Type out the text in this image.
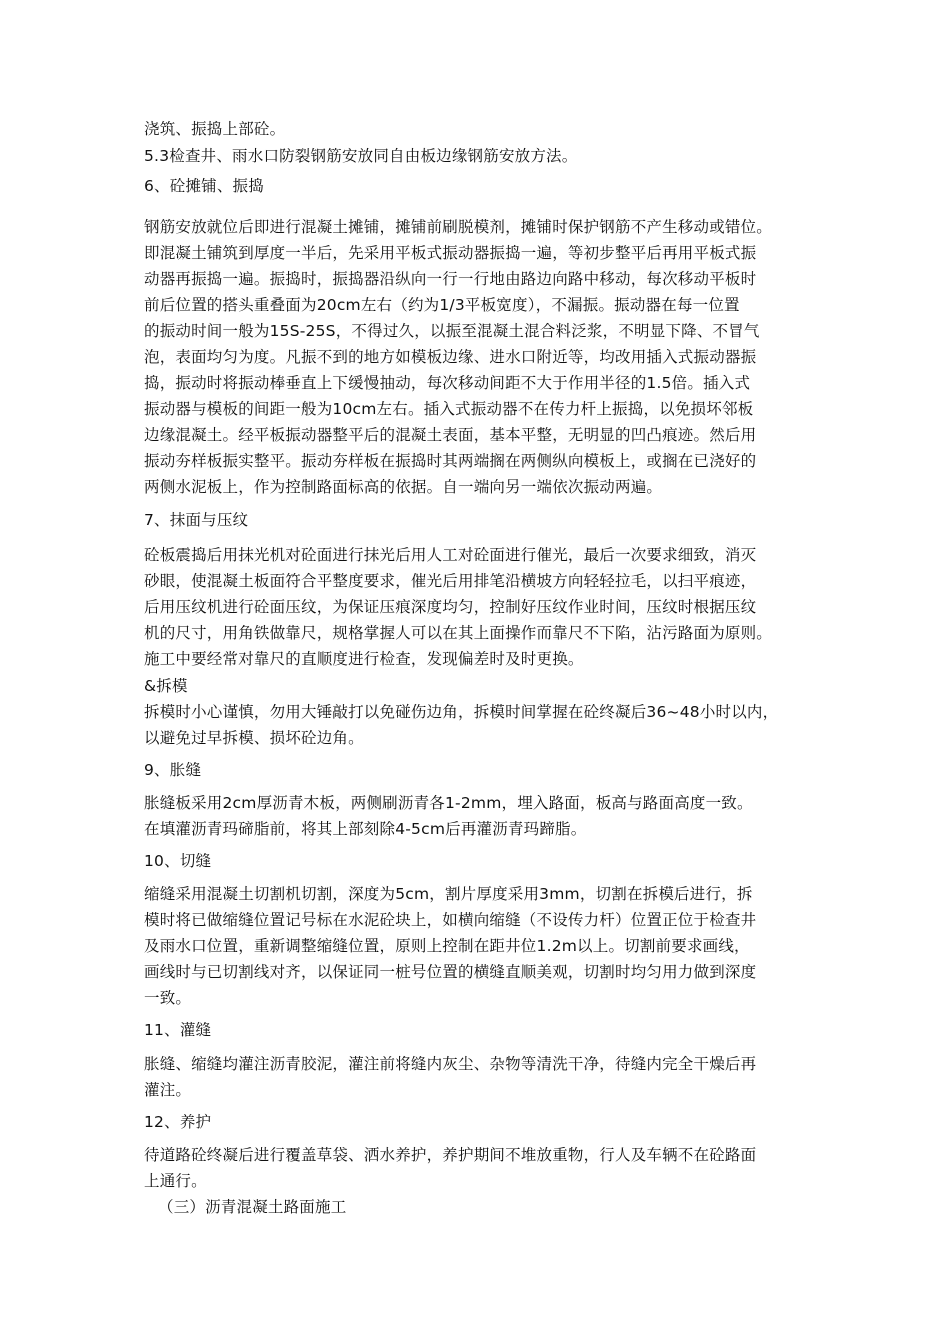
浇筑、振捣上部砼。
5.3检查井、雨水口防裂钢筋安放同自由板边缘钢筋安放方法。
6、砼摊铺、振捣
钢筋安放就位后即进行混凝土摊铺，摊铺前刷脱模剂，摊铺时保护钢筋不产生移动或错位。
即混凝土铺筑到厚度一半后，先采用平板式振动器振捣一遍，等初步整平后再用平板式振
动器再振捣一遍。振捣时，振捣器沿纵向一行一行地由路边向路中移动，每次移动平板时
前后位置的搭头重叠面为20cm左右（约为1/3平板宽度），不漏振。振动器在每一位置
的振动时间一般为15S-25S，不得过久，以振至混凝土混合料泛浆，不明显下降、不冒气
泡，表面均匀为度。凡振不到的地方如模板边缘、进水口附近等，均改用插入式振动器振
捣，振动时将振动棒垂直上下缓慢抽动，每次移动间距不大于作用半径的1.5倍。插入式
振动器与模板的间距一般为10cm左右。插入式振动器不在传力杆上振捣，以免损坏邻板
边缘混凝土。经平板振动器整平后的混凝土表面，基本平整，无明显的凹凸痕迹。然后用
振动夯样板振实整平。振动夯样板在振捣时其两端搁在两侧纵向模板上，或搁在已浇好的
两侧水泥板上，作为控制路面标高的依据。自一端向另一端依次振动两遍。
7、抹面与压纹
砼板震捣后用抹光机对砼面进行抹光后用人工对砼面进行催光，最后一次要求细致，消灭
砂眼，使混凝土板面符合平整度要求，催光后用排笔沿横坡方向轻轻拉毛，以扫平痕迹，
后用压纹机进行砼面压纹，为保证压痕深度均匀，控制好压纹作业时间，压纹时根据压纹
机的尺寸，用角铁做靠尺，规格掌握人可以在其上面操作而靠尺不下陷，沾污路面为原则。
施工中要经常对靠尺的直顺度进行检查，发现偏差时及时更换。
&拆模
拆模时小心谨慎，勿用大锤敲打以免碰伤边角，拆模时间掌握在砼终凝后36~48小时以内，
以避免过早拆模、损坏砼边角。
9、胀缝
胀缝板采用2cm厚沥青木板，两侧刷沥青各1-2mm，埋入路面，板高与路面高度一致。
在填灌沥青玛碲脂前，将其上部刻除4-5cm后再灌沥青玛蹄脂。
10、切缝
缩缝采用混凝土切割机切割，深度为5cm，割片厚度采用3mm，切割在拆模后进行，拆
模时将已做缩缝位置记号标在水泥砼块上，如横向缩缝（不设传力杆）位置正位于检查井
及雨水口位置，重新调整缩缝位置，原则上控制在距井位1.2m以上。切割前要求画线，
画线时与已切割线对齐，以保证同一桩号位置的横缝直顺美观，切割时均匀用力做到深度
一致。
11、灌缝
胀缝、缩缝均灌注沥青胶泥，灌注前将缝内灰尘、杂物等清洗干净，待缝内完全干燥后再
灌注。
12、养护
待道路砼终凝后进行覆盖草袋、洒水养护，养护期间不堆放重物，行人及车辆不在砼路面
上通行。
（三）沥青混凝土路面施工
